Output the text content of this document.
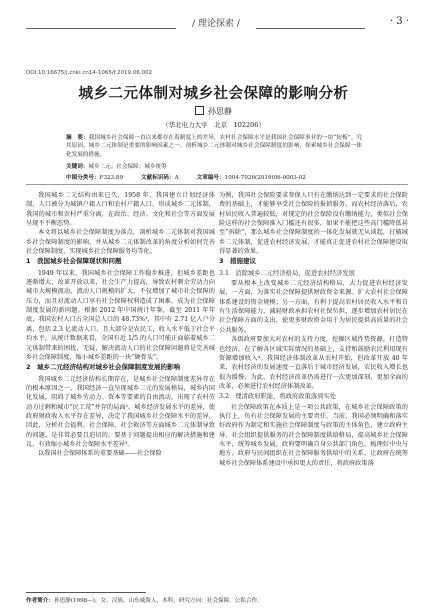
/ 理论探索 /	· 3 ·
DOI:10.16675/j.cnki.cn14-1065/f.2019.06.002
城乡二元体制对城乡社会保障的影响分析
孙思静
（华北电力大学　北京　102206）
摘　要：我国城乡社会保障一直以来都存在着制度上的差异，农村社会保障水平是我国社会保障事业的一块“短板”。究其原因，城乡二元体制是重要的影响因素之一。剖析城乡二元体制对城乡社会保障制度的影响，探索城乡社会保障一体化发展的措施。
关键词：城乡二元；社会保障；城乡统筹
中图分类号：F323.89	文献标识码：A	文章编号：1004-7026(2019)06-0003-02

我国城乡二元结构由来已久，1958 年，我国建立计划经济体制，人口被分为城镇户籍人口和农村户籍人口，形成城乡二元体制，我国的城市和农村严重分离，在政治、经济、文化和社会等方面发展呈现不平衡态势。

本文将以城乡社会保障制度为落点，剖析城乡二元体制对我国城乡社会保障制度的影响，并从城乡二元体制改革的角度分析如何完善社会保障制度，实现城乡社会保障服务均等化。

1　我国城乡社会保障现状和问题

1949 年以来，我国城乡社会保障工作稳步推进，但城乡差距也逐渐增大，改革开放以来，社会生产力提高，导致农村剩余劳动力向城市大规模流动，流动人口规模的扩大，不仅增加了城市社会保障的压力，而且对流动人口享有社会保障权利造成了困难，成为社会保障制度发展的新问题。根据 2012 年中国统计年鉴，截至 2011 年年底，我国农村人口占全国总人口的 48.73%¹，其中有 2.71 亿人户分离，包括 2.3 亿流动人口，且大部分是农民工，收入水平低于社会平均水平，从统计数据来看，全国有近 1/5 的人口可能正面临着城乡二元体制带来的困扰，无疑，解决流动人口的社会保障问题将是完善城乡社会保障制度、缩小城乡差距的一块“硬骨头”。

2　城乡二元经济结构对城乡社会保障制度发展的影响

我国城乡二元经济结构长期存在，是城乡社会保障制度差异存在的根本原因之一。我国经济一直呈现城乡二元的发展格局，城乡内国化发展，阻碍了城乡劳动力、资本等要素的自由流动，出现了农村劳动力过剩和城市“民工荒”并存的局面²。城乡经济发展水平的差异，使政府财政收入水平存在差异，决定了我国城乡社会保障水平的差异，因此，分析社会福利、社会保障、社会救济等方面城乡二元体制导致的问题，是非常必要且迫切的。要基于问题提出相应的解决措施和建议，有效缩小城乡社会保障水平差异³。

以我国社会保障体系的重要基础——社会保险

为例，我国社会保险要求参保人只有在缴纳达到一定要求的社会保险费的基础上，才能够享受社会保险的报销服务。而农村经济落后，农村居民收入普遍较低，对现定的社会保险没有缴纳能力，类似社会保险这样的社会保障准入门槛还有很多，如果不能把这些高门槛降低甚至“拆除”，那么城乡社会保障制度的一体化发展就无从谈起，打破城乡二元体制，促进农村经济发展，才能真正促进农村社会保障建设取得显著的效果。

3　措施建议
3.1　消除城乡二元经济格局，促进农村经济发展

要从根本上改变城乡二元经济结构格局，大力促进农村经济发展，一方面，为落实社会保障提供财政资金来源。扩大农村社会保障体系建设的资金规模；另一方面，有利于提高农村居民收入水平和自有生活保障能力，减轻财政承担农村社保负担，逐步增加农村居民在社会保障方面的支出，使更多财政资金用于为居民提供高质量的社会公共服务。

各级政府要加大对农村的支持力度，挖掘区域性势资源，打造特色经济。在了解各区域实际情况的基础上，支持和鼓励农民利用现有资源增加收入⁴。我国经济体制改革从农村开始，但改革开放 40 年来，农村经济的发展速度一直落后于城市经济发展，农民收入增长也很为缓慢，为此，农村经济改革仍需进行一次更加深刻、更加全面的改革，必须进行农村经济体制改革。

3.2　理清政府职能，将政府政策落到实处

社会保障政策在本质上是一项公共政策，在城乡社会保障政策的执行上，负有社会保障发展的主要责任。当前，我国必须明确和落实好政府作为制定和实施社会保障制度与政策的主体角色，建立政府主导、社会组织提供服务的社会保障制度供给格局，提高城乡社会保障水平，统筹城乡发展，政府要明确自身公共部门角色，梳理好中央与地方、政府与民间组织在社会保障服务供给中的关系，让政府在统筹城乡社会保障体系建设中承担更大的责任，将政府政策落

作者简介：孙思静(1998—)，女，汉族，山东威海人，本科，研究方向：社会保障、公私合作。
